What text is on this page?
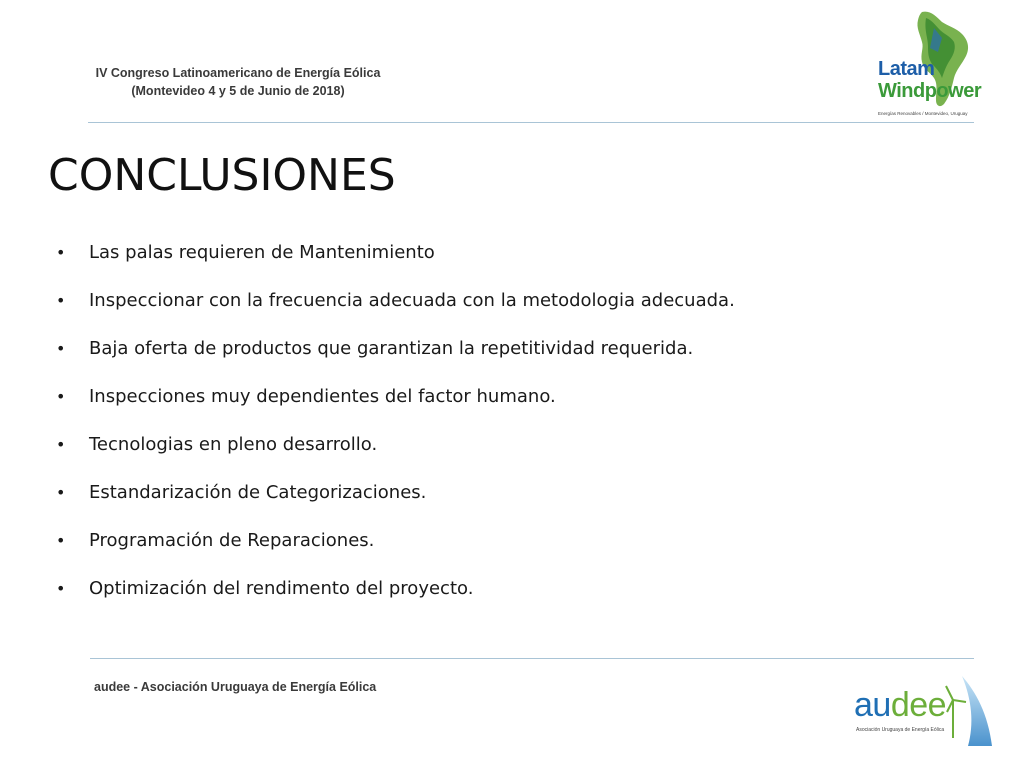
IV Congreso Latinoamericano de Energía Eólica
(Montevideo 4 y 5 de Junio de 2018)
Latam
Windpower
Energías Renovables / Montevideo, Uruguay
CONCLUSIONES
• Las palas requieren de Mantenimiento
• Inspeccionar con la frecuencia adecuada con la metodologia adecuada.
• Baja oferta de productos que garantizan la repetitividad requerida.
• Inspecciones muy dependientes del factor humano.
• Tecnologias en pleno desarrollo.
• Estandarización de Categorizaciones.
• Programación de Reparaciones.
• Optimización del rendimento del proyecto.
audee - Asociación Uruguaya de Energía Eólica	audee
Asociación Uruguaya de Energía Eólica
